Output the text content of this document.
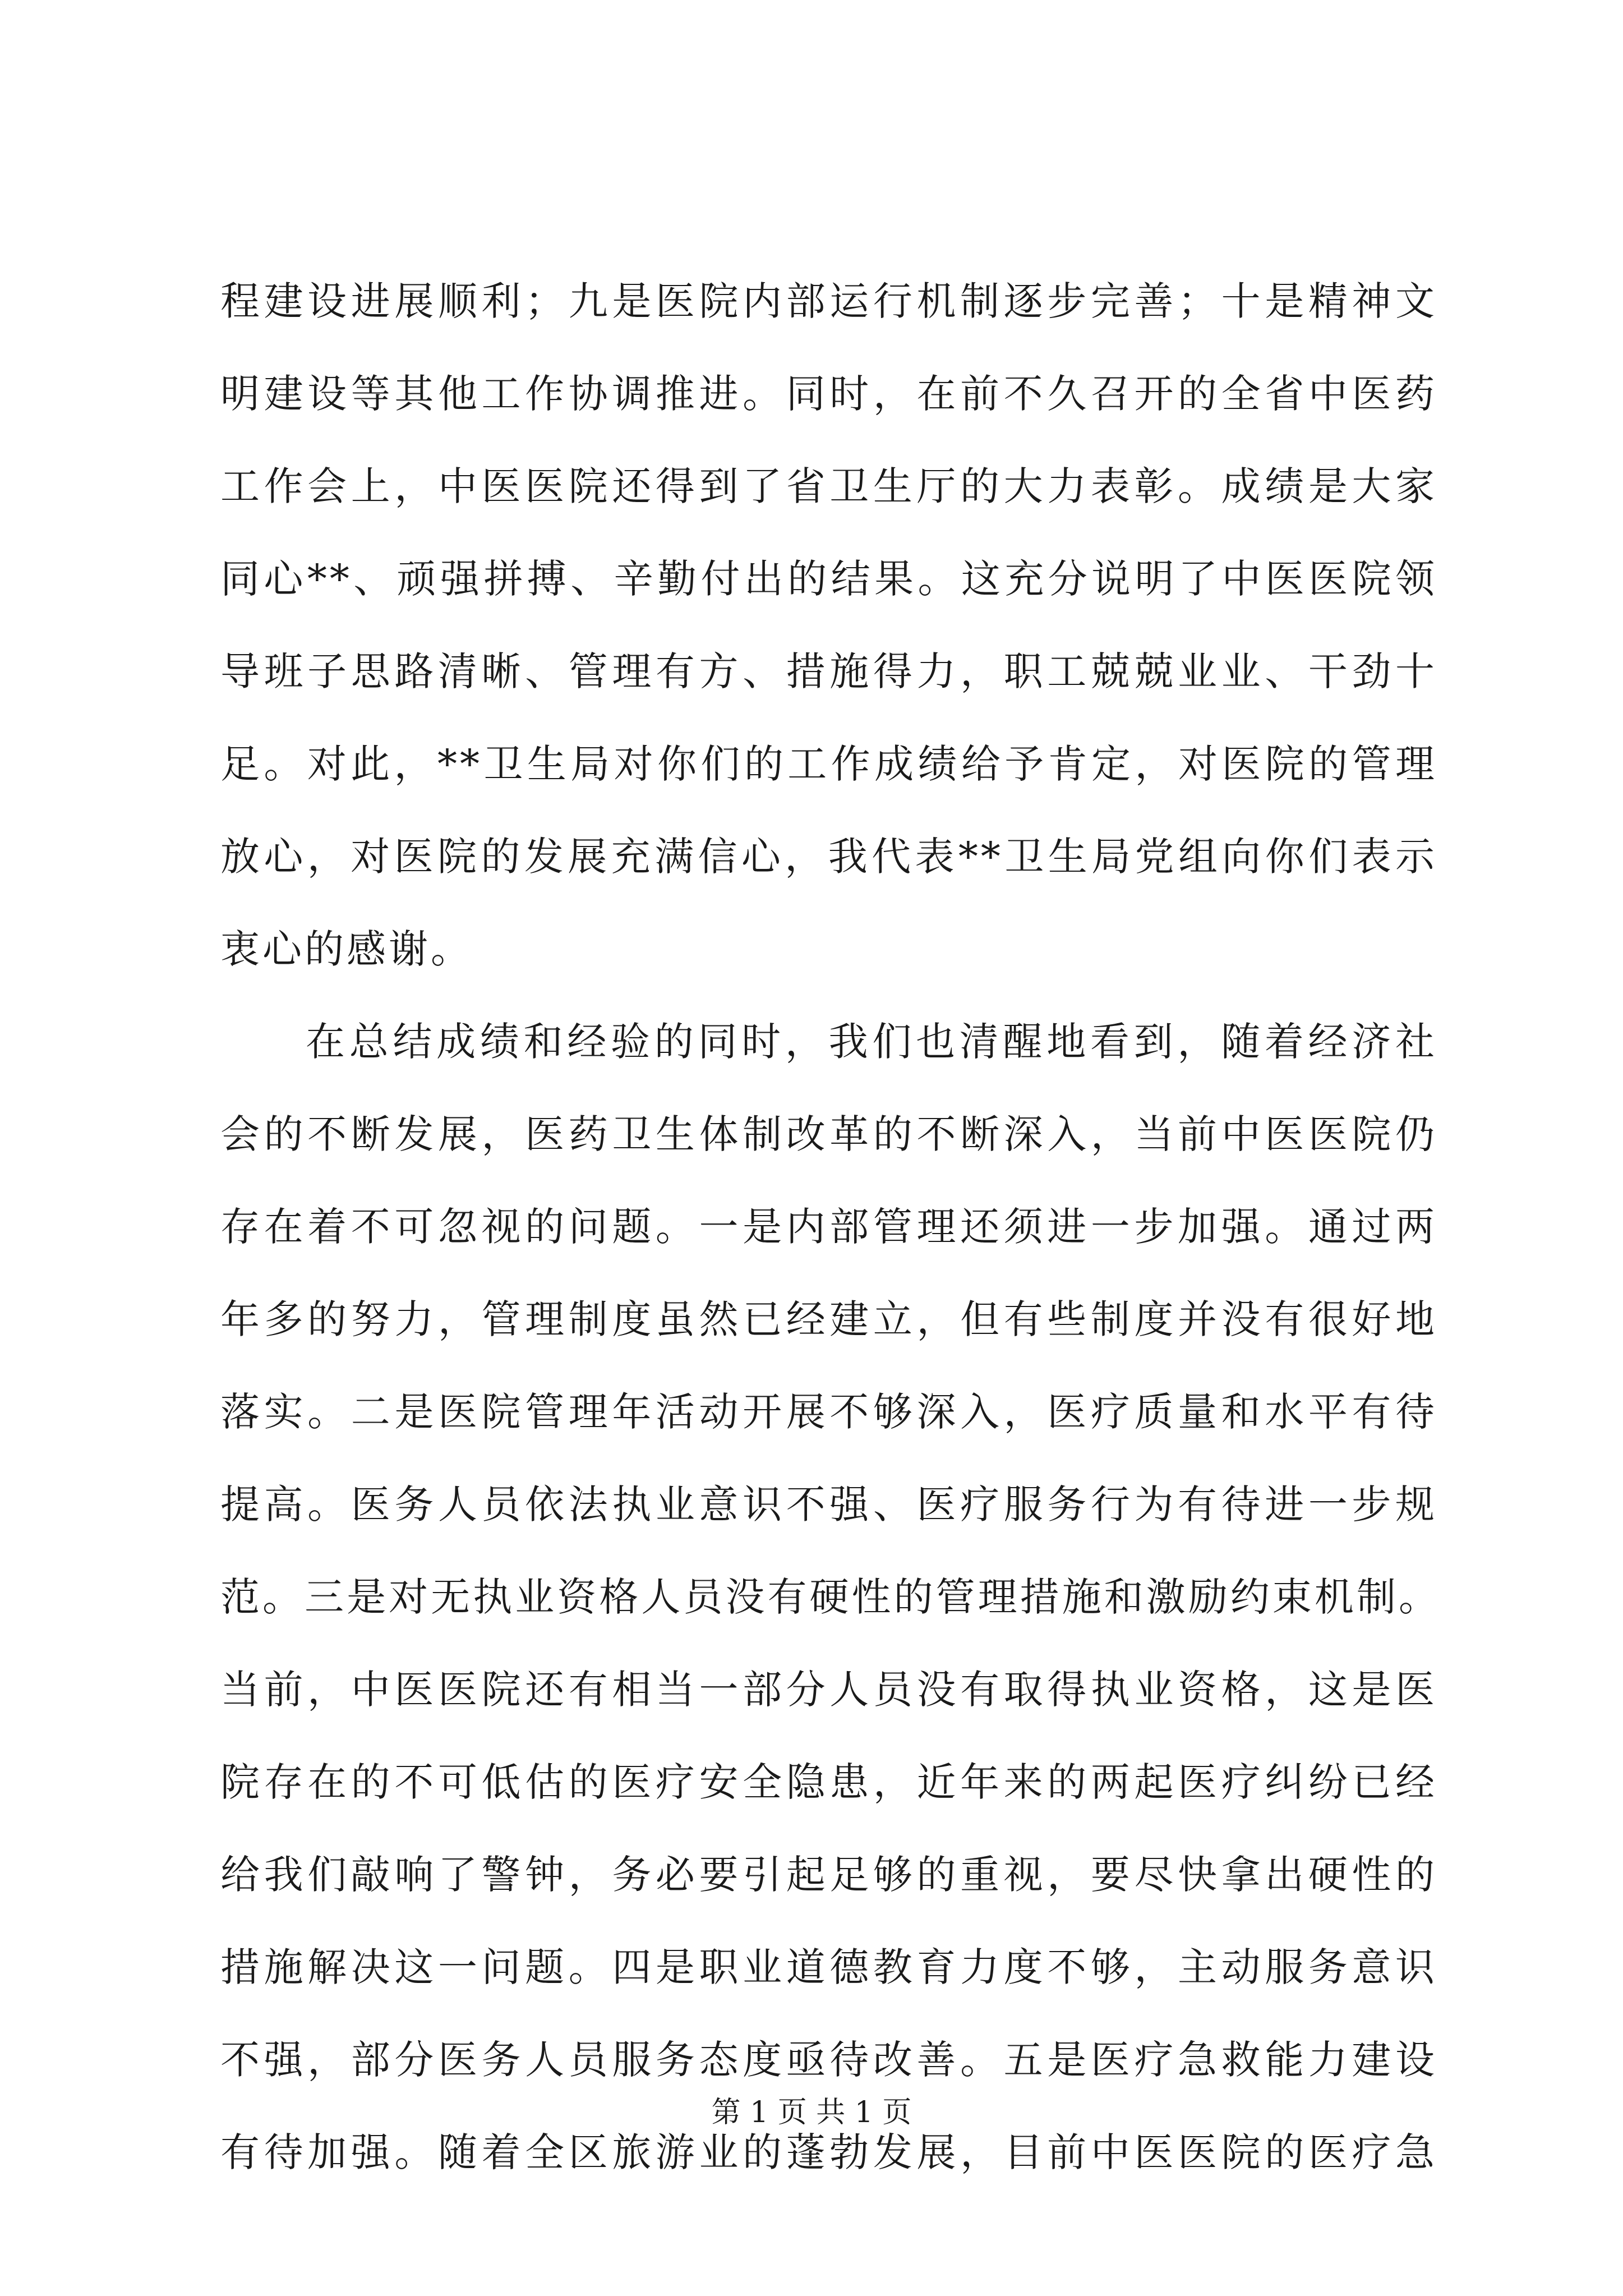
程建设进展顺利；九是医院内部运行机制逐步完善；十是精神文
明建设等其他工作协调推进。同时，在前不久召开的全省中医药
工作会上，中医医院还得到了省卫生厅的大力表彰。成绩是大家
同心**、顽强拼搏、辛勤付出的结果。这充分说明了中医医院领
导班子思路清晰、管理有方、措施得力，职工兢兢业业、干劲十
足。对此，**卫生局对你们的工作成绩给予肯定，对医院的管理
放心，对医院的发展充满信心，我代表**卫生局党组向你们表示
衷心的感谢。
在总结成绩和经验的同时，我们也清醒地看到，随着经济社
会的不断发展，医药卫生体制改革的不断深入，当前中医医院仍
存在着不可忽视的问题。一是内部管理还须进一步加强。通过两
年多的努力，管理制度虽然已经建立，但有些制度并没有很好地
落实。二是医院管理年活动开展不够深入，医疗质量和水平有待
提高。医务人员依法执业意识不强、医疗服务行为有待进一步规
范。三是对无执业资格人员没有硬性的管理措施和激励约束机制。
当前，中医医院还有相当一部分人员没有取得执业资格，这是医
院存在的不可低估的医疗安全隐患，近年来的两起医疗纠纷已经
给我们敲响了警钟，务必要引起足够的重视，要尽快拿出硬性的
措施解决这一问题。四是职业道德教育力度不够，主动服务意识
不强，部分医务人员服务态度亟待改善。五是医疗急救能力建设
有待加强。随着全区旅游业的蓬勃发展，目前中医医院的医疗急
第 1 页 共 1 页
